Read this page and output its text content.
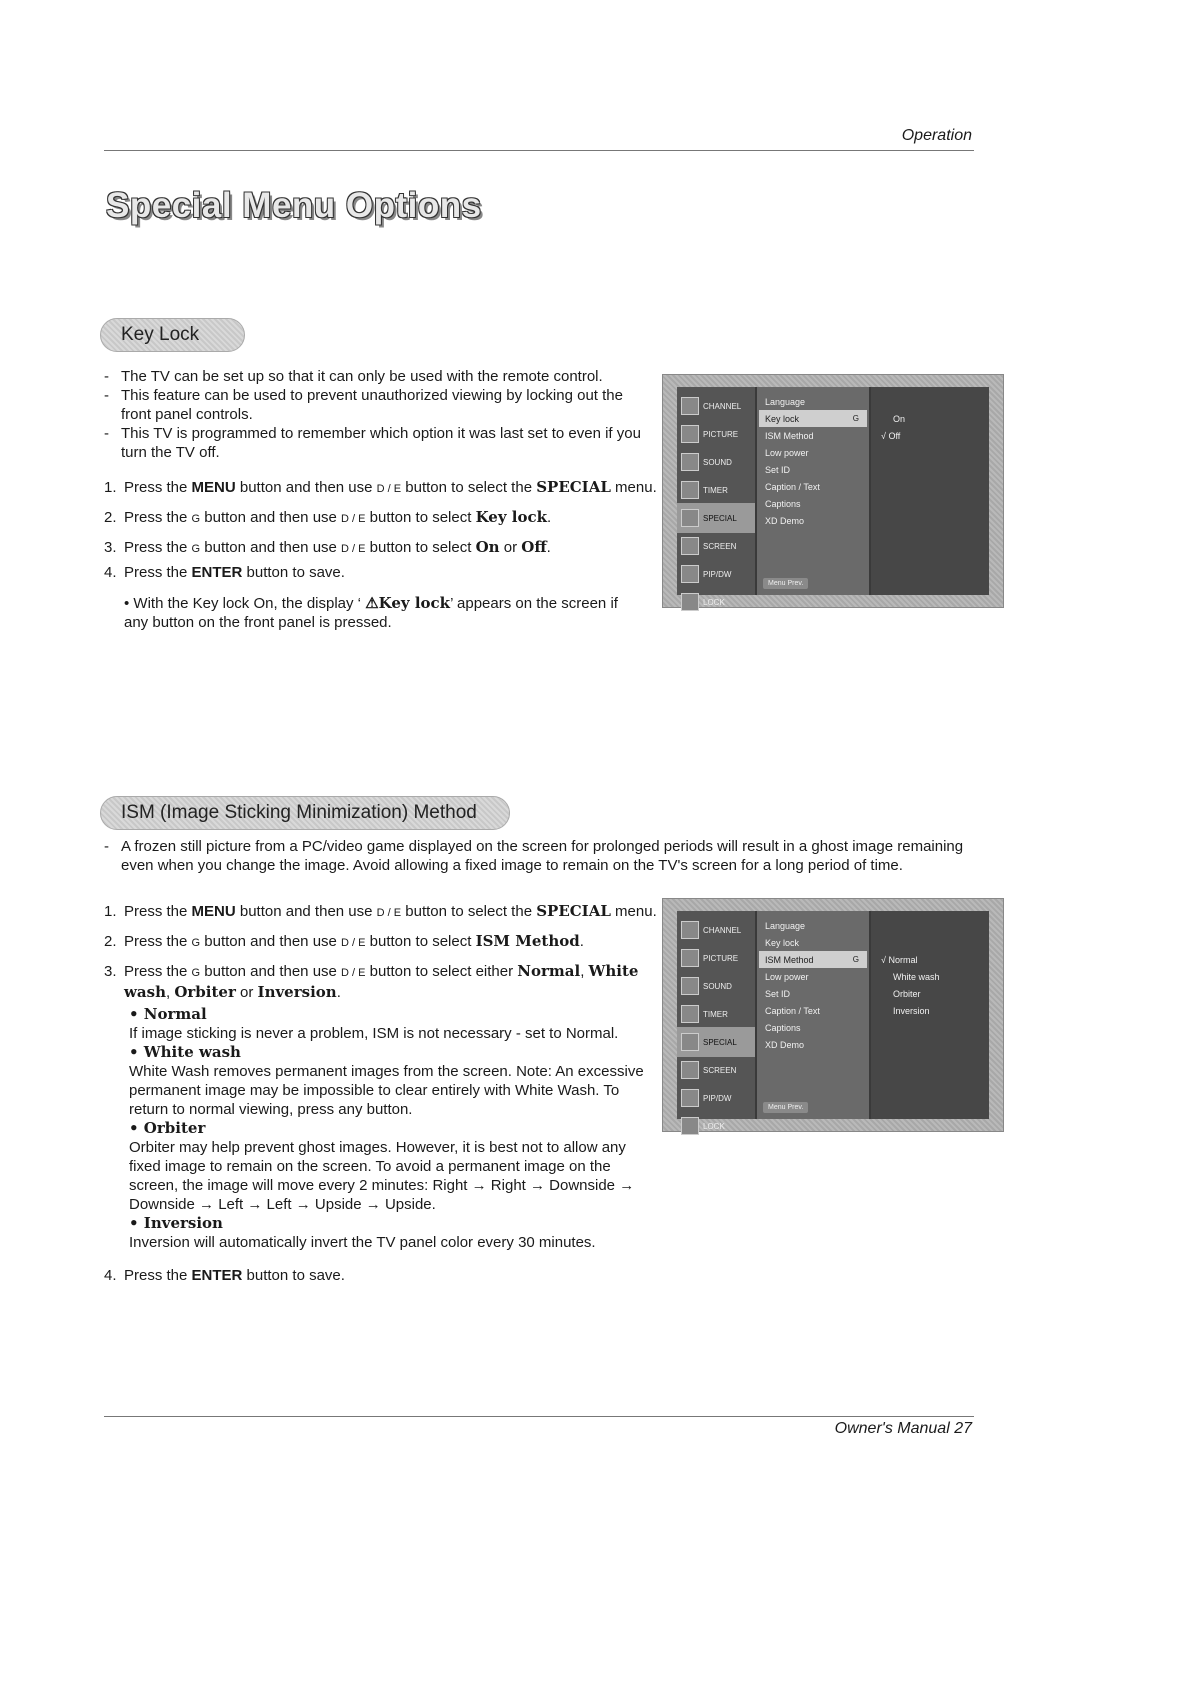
Operation
Special Menu Options
Key Lock
- The TV can be set up so that it can only be used with the remote control.
- This feature can be used to prevent unauthorized viewing by locking out the front panel controls.
- This TV is programmed to remember which option it was last set to even if you turn the TV off.
1. Press the MENU button and then use D / E button to select the SPECIAL menu.
2. Press the G button and then use D / E button to select Key lock.
3. Press the G button and then use D / E button to select On or Off.
4. Press the ENTER button to save.
• With the Key lock On, the display ‘ ⚠Key lock’ appears on the screen if any button on the front panel is pressed.
CHANNEL
PICTURE
SOUND
TIMER
SPECIAL
SCREEN
PIP/DW
LOCK
Language
Key lock	G
ISM Method
Low power
Set ID
Caption / Text
Captions
XD Demo
Menu Prev.
On
√
Off
ISM (Image Sticking Minimization) Method
- A frozen still picture from a PC/video game displayed on the screen for prolonged periods will result in a ghost image remaining even when you change the image. Avoid allowing a fixed image to remain on the TV's screen for a long period of time.
1. Press the MENU button and then use D / E button to select the SPECIAL menu.
2. Press the G button and then use D / E button to select ISM Method.
3. Press the G button and then use D / E button to select either Normal, White wash, Orbiter or Inversion.
• Normal
If image sticking is never a problem, ISM is not necessary - set to Normal.
• White wash
White Wash removes permanent images from the screen. Note: An excessive permanent image may be impossible to clear entirely with White Wash. To return to normal viewing, press any button.
• Orbiter
Orbiter may help prevent ghost images. However, it is best not to allow any fixed image to remain on the screen. To avoid a permanent image on the screen, the image will move every 2 minutes: Right → Right → Downside → Downside → Left → Left → Upside → Upside.
• Inversion
Inversion will automatically invert the TV panel color every 30 minutes.
4. Press the ENTER button to save.
CHANNEL
PICTURE
SOUND
TIMER
SPECIAL
SCREEN
PIP/DW
LOCK
Language
Key lock
ISM Method	G
Low power
Set ID
Caption / Text
Captions
XD Demo
Menu Prev.
√
Normal
White wash
Orbiter
Inversion
Owner's Manual 27
